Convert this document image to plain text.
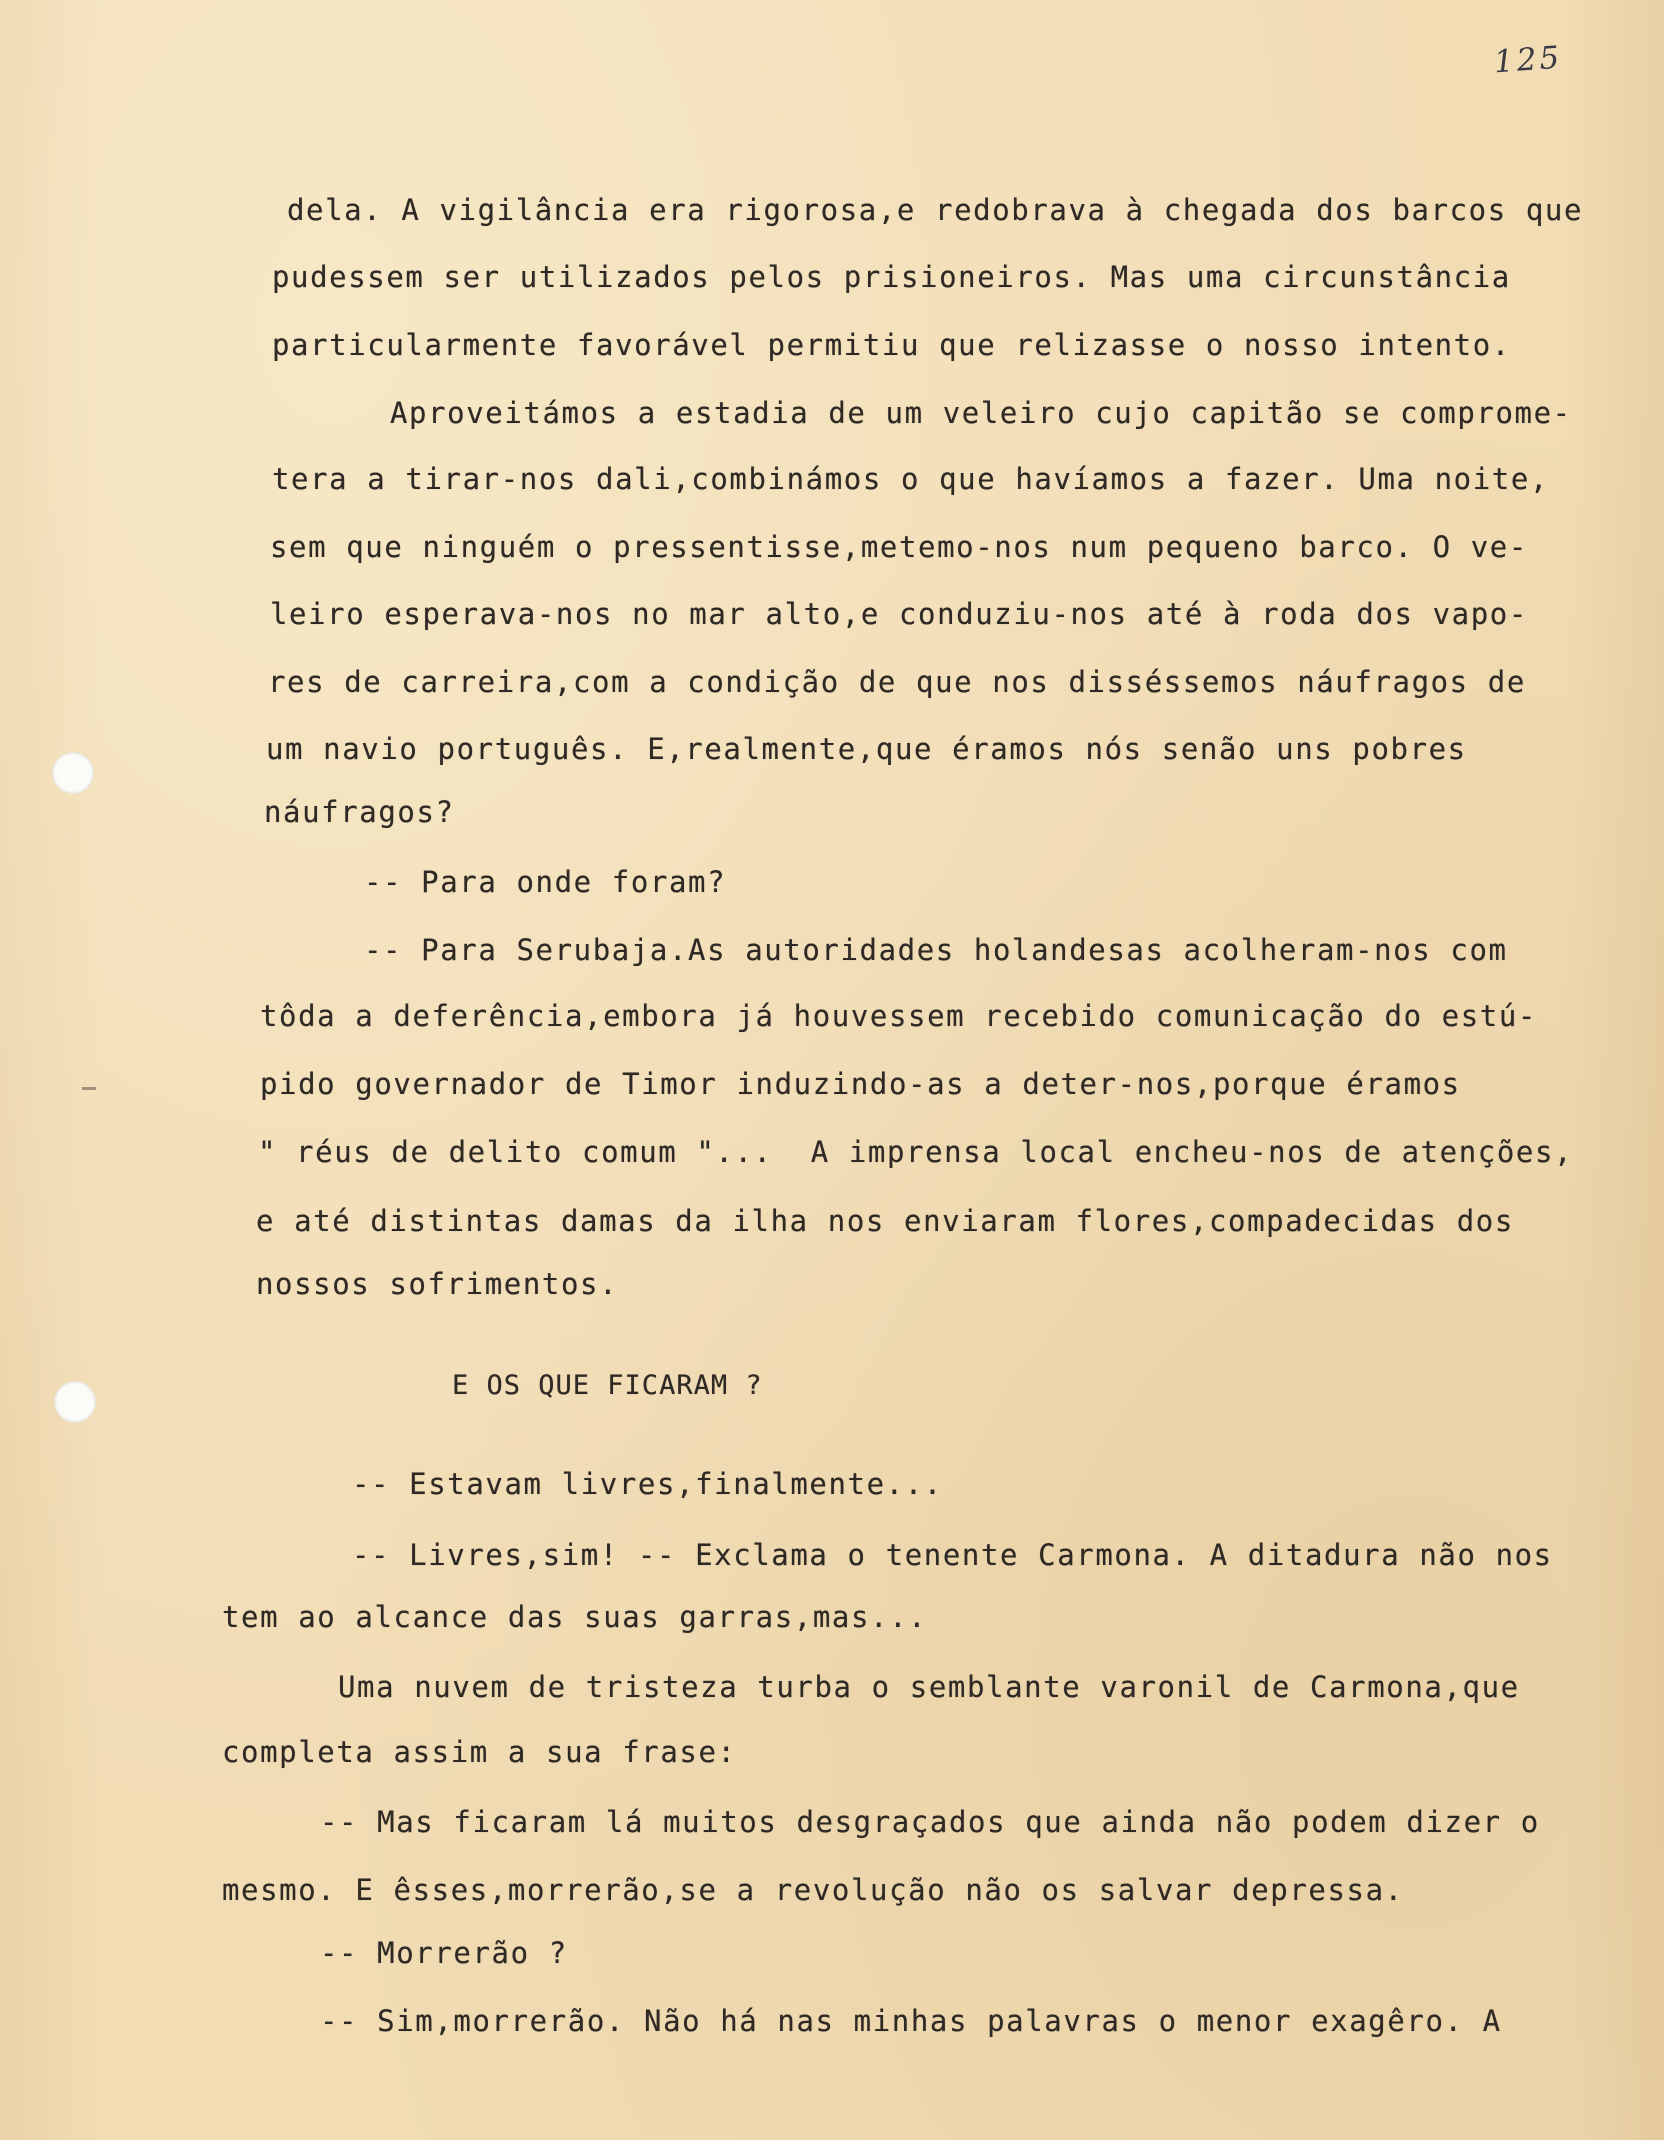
125
dela. A vigilância era rigorosa,e redobrava à chegada dos barcos que
pudessem ser utilizados pelos prisioneiros. Mas uma circunstância
particularmente favorável permitiu que relizasse o nosso intento.
Aproveitámos a estadia de um veleiro cujo capitão se comprome-
tera a tirar-nos dali,combinámos o que havíamos a fazer. Uma noite,
sem que ninguém o pressentisse,metemo-nos num pequeno barco. O ve-
leiro esperava-nos no mar alto,e conduziu-nos até à roda dos vapo-
res de carreira,com a condição de que nos disséssemos náufragos de
um navio português. E,realmente,que éramos nós senão uns pobres
náufragos?
-- Para onde foram?
-- Para Serubaja.As autoridades holandesas acolheram-nos com
tôda a deferência,embora já houvessem recebido comunicação do estú-
pido governador de Timor induzindo-as a deter-nos,porque éramos
" réus de delito comum "...  A imprensa local encheu-nos de atenções,
e até distintas damas da ilha nos enviaram flores,compadecidas dos
nossos sofrimentos.
E OS QUE FICARAM ?
-- Estavam livres,finalmente...
-- Livres,sim! -- Exclama o tenente Carmona. A ditadura não nos
tem ao alcance das suas garras,mas...
Uma nuvem de tristeza turba o semblante varonil de Carmona,que
completa assim a sua frase:
-- Mas ficaram lá muitos desgraçados que ainda não podem dizer o
mesmo. E êsses,morrerão,se a revolução não os salvar depressa.
-- Morrerão ?
-- Sim,morrerão. Não há nas minhas palavras o menor exagêro. A
